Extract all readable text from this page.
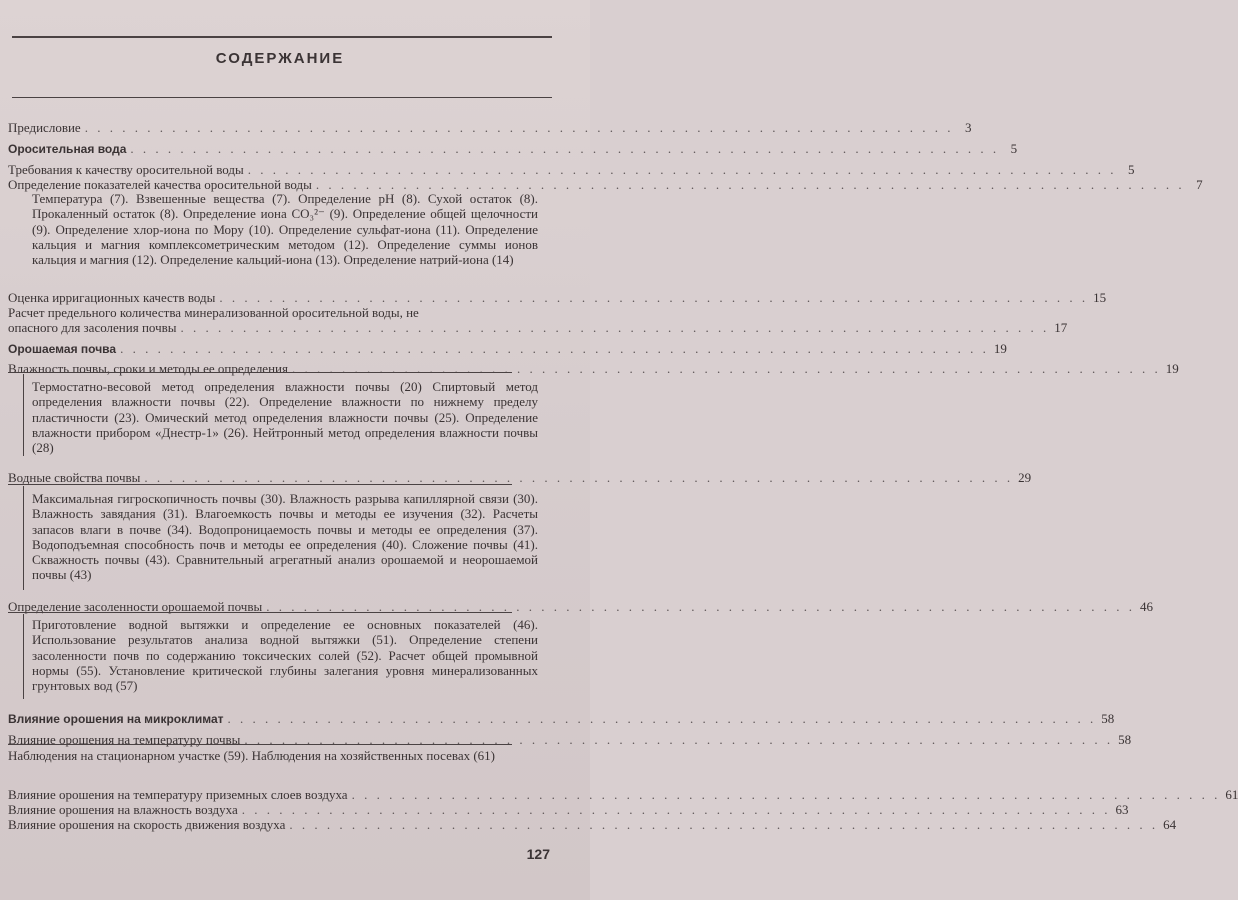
СОДЕРЖАНИЕ
Предисловие . . .	3
Оросительная вода . . .	5
Требования к качеству оросительной воды . . .	5
Определение показателей качества оросительной воды . . .	7
Температура (7). Взвешенные вещества (7). Определение pH (8). Сухой остаток (8). Прокаленный остаток (8). Определение иона CO₃²⁻ (9). Определение общей щелочности (9). Определение хлор-иона по Мору (10). Определение сульфат-иона (11). Определение кальция и магния комплексометрическим методом (12). Определение суммы ионов кальция и магния (12). Определение кальций-иона (13). Определение натрий-иона (14)
Оценка ирригационных качеств воды . . .	15
Расчет предельного количества минерализованной оросительной воды, не
опасного для засоления почвы . . .	17
Орошаемая почва . . .	19
Влажность почвы, сроки и методы ее определения . . .	19
Термостатно-весовой метод определения влажности почвы (20) Спиртовый метод определения влажности почвы (22). Определение влажности по нижнему пределу пластичности (23). Омический метод определения влажности почвы (25). Определение влажности прибором «Днестр-1» (26). Нейтронный метод определения влажности почвы (28)
Водные свойства почвы . . .	29
Максимальная гигроскопичность почвы (30). Влажность разрыва капиллярной связи (30). Влажность завядания (31). Влагоемкость почвы и методы ее изучения (32). Расчеты запасов влаги в почве (34). Водопроницаемость почвы и методы ее определения (37). Водоподъемная способность почв и методы ее определения (40). Сложение почвы (41). Скважность почвы (43). Сравнительный агрегатный анализ орошаемой и неорошаемой почвы (43)
Определение засоленности орошаемой почвы . . .	46
Приготовление водной вытяжки и определение ее основных показателей (46). Использование результатов анализа водной вытяжки (51). Определение степени засоленности почв по содержанию токсических солей (52). Расчет общей промывной нормы (55). Установление критической глубины залегания уровня минерализованных грунтовых вод (57)
Влияние орошения на микроклимат . . .	58
Влияние орошения на температуру почвы . . .	58
Наблюдения на стационарном участке (59). Наблюдения на хозяйственных посевах (61)
Влияние орошения на температуру приземных слоев воздуха . . .	61
Влияние орошения на влажность воздуха . . .	63
Влияние орошения на скорость движения воздуха . . .	64
127
